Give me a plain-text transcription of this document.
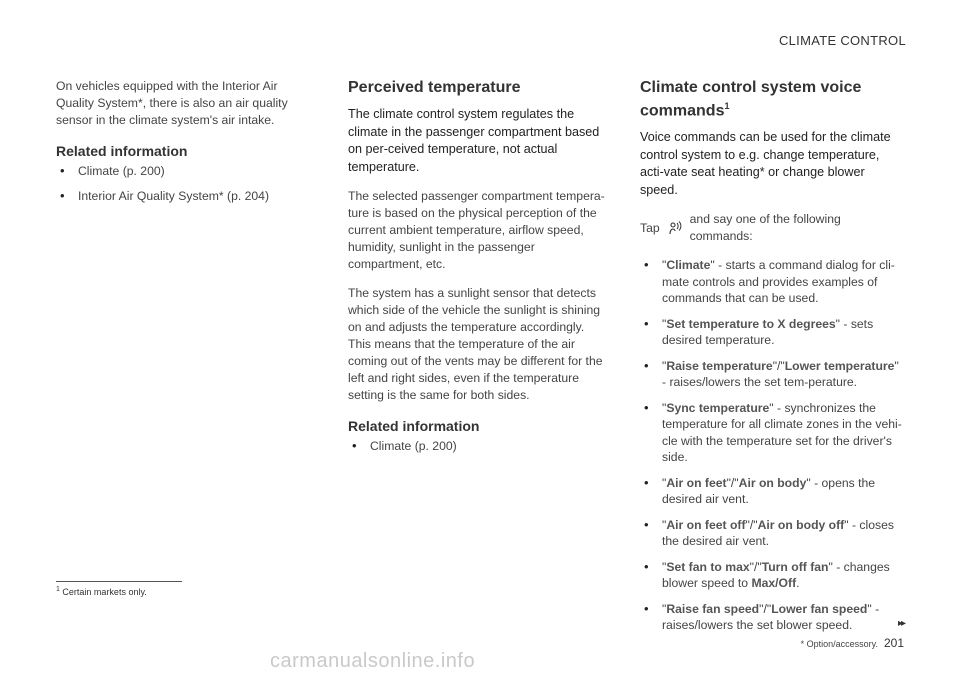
CLIMATE CONTROL

On vehicles equipped with the Interior Air Quality System*, there is also an air quality sensor in the climate system's air intake.

Related information
• Climate (p. 200)
• Interior Air Quality System* (p. 204)
Perceived temperature

The climate control system regulates the climate in the passenger compartment based on per-ceived temperature, not actual temperature.

The selected passenger compartment tempera-ture is based on the physical perception of the current ambient temperature, airflow speed, humidity, sunlight in the passenger compartment, etc.

The system has a sunlight sensor that detects which side of the vehicle the sunlight is shining on and adjusts the temperature accordingly. This means that the temperature of the air coming out of the vents may be different for the left and right sides, even if the temperature setting is the same for both sides.

Related information
• Climate (p. 200)
Climate control system voice commands$^1$

Voice commands can be used for the climate control system to e.g. change temperature, acti-vate seat heating* or change blower speed.

Tap
and say one of the following commands:
• "Climate" - starts a command dialog for cli-mate controls and provides examples of commands that can be used.
• "Set temperature to X degrees" - sets desired temperature.
• "Raise temperature"/"Lower temperature" - raises/lowers the set tem-perature.
• "Sync temperature" - synchronizes the temperature for all climate zones in the vehi-cle with the temperature set for the driver's side.
• "Air on feet"/"Air on body" - opens the desired air vent.
• "Air on feet off"/"Air on body off" - closes the desired air vent.
• "Set fan to max"/"Turn off fan" - changes blower speed to Max/Off.
• "Raise fan speed"/"Lower fan speed" - raises/lowers the set blower speed.
$^1$ Certain markets only.
▸▸
* Option/accessory. 201
carmanualsonline.info
